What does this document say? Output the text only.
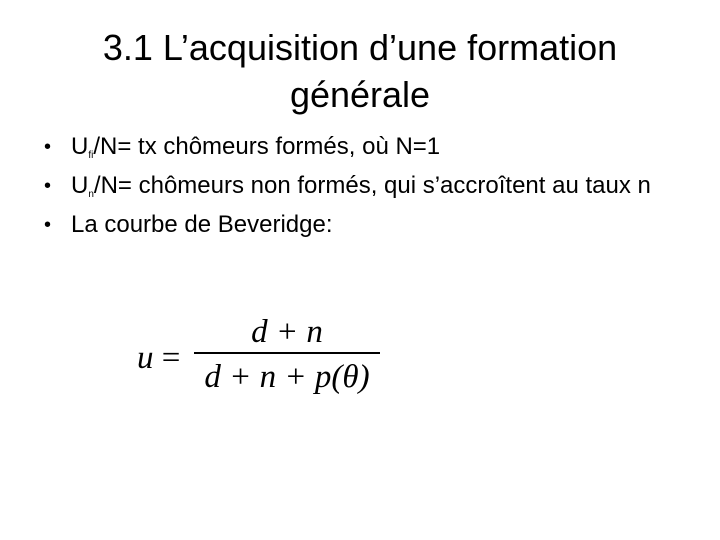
3.1 L’acquisition d’une formation générale
• $U_{fi}/N=$ tx chômeurs formés, où N=1
• $U_n/N=$ chômeurs non formés, qui s’accroîtent au taux n
• La courbe de Beveridge:
u =
d + n
d + n + p(θ)
